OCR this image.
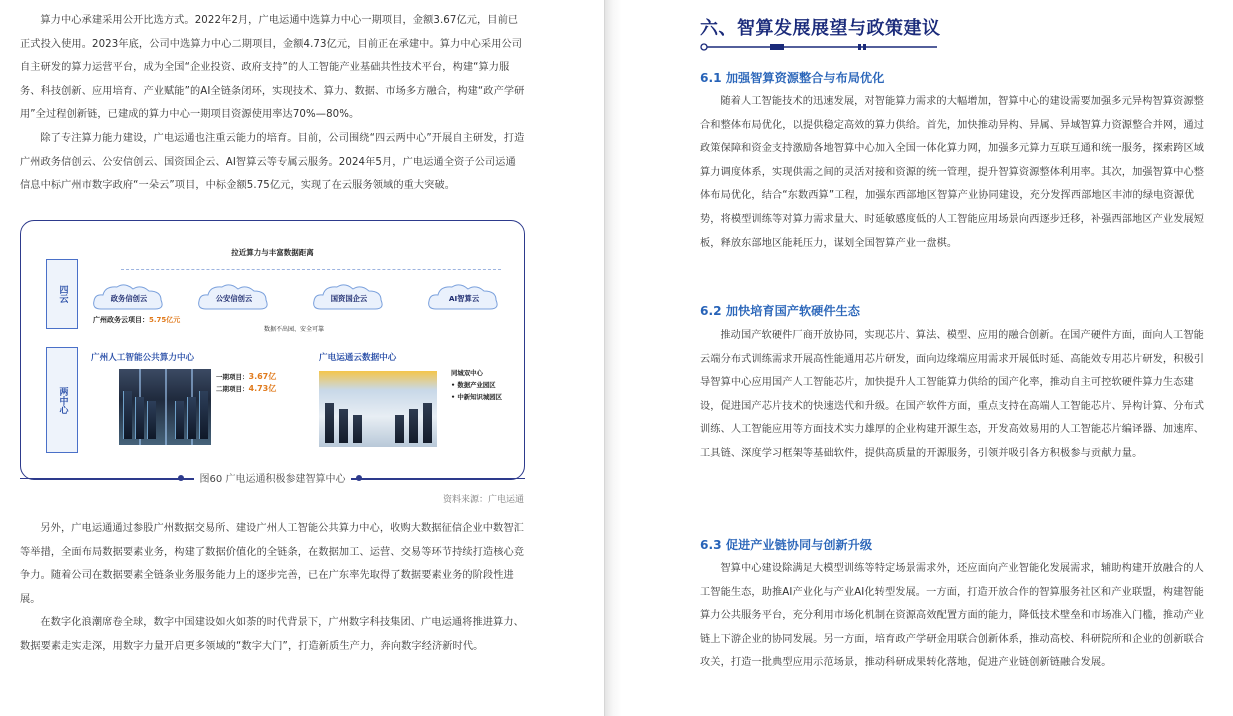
算力中心承建采用公开比选方式。2022年2月，广电运通中选算力中心一期项目，金额3.67亿元，目前已正式投入使用。2023年底，公司中选算力中心二期项目，金额4.73亿元，目前正在承建中。算力中心采用公司自主研发的算力运营平台，成为全国“企业投资、政府支持”的人工智能产业基础共性技术平台，构建“算力服务、科技创新、应用培育、产业赋能”的AI全链条闭环，实现技术、算力、数据、市场多方融合，构建“政产学研用”全过程创新链，已建成的算力中心一期项目资源使用率达70%—80%。

除了专注算力能力建设，广电运通也注重云能力的培育。目前，公司围绕“四云两中心”开展自主研发，打造广州政务信创云、公安信创云、国资国企云、AI智算云等专属云服务。2024年5月，广电运通全资子公司运通信息中标广州市数字政府“一朵云”项目，中标金额5.75亿元，实现了在云服务领域的重大突破。

拉近算力与丰富数据距离
四云	政务信创云	公安信创云	国资国企云	AI智算云
广州政务云项目：5.75亿元
数据不出园、安全可靠
两中心
广州人工智能公共算力中心
一期项目：3.67亿
二期项目：4.73亿
广电运通云数据中心
同城双中心
• 数据产业园区
• 中新知识城园区
图60 广电运通积极参建智算中心
资料来源：广电运通

另外，广电运通通过参股广州数据交易所、建设广州人工智能公共算力中心，收购大数据征信企业中数智汇等举措，全面布局数据要素业务，构建了数据价值化的全链条，在数据加工、运营、交易等环节持续打造核心竞争力。随着公司在数据要素全链条业务服务能力上的逐步完善，已在广东率先取得了数据要素业务的阶段性进展。

在数字化浪潮席卷全球，数字中国建设如火如荼的时代背景下，广州数字科技集团、广电运通将推进算力、数据要素走实走深，用数字力量开启更多领域的“数字大门”，打造新质生产力，奔向数字经济新时代。

六、智算发展展望与政策建议
6.1 加强智算资源整合与布局优化

随着人工智能技术的迅速发展，对智能算力需求的大幅增加，智算中心的建设需要加强多元异构智算资源整合和整体布局优化，以提供稳定高效的算力供给。首先，加快推动异构、异属、异域智算力资源整合并网，通过政策保障和资金支持激励各地智算中心加入全国一体化算力网，加强多元算力互联互通和统一服务，探索跨区域算力调度体系，实现供需之间的灵活对接和资源的统一管理，提升智算资源整体利用率。其次，加强智算中心整体布局优化，结合“东数西算”工程，加强东西部地区智算产业协同建设，充分发挥西部地区丰沛的绿电资源优势，将模型训练等对算力需求量大、时延敏感度低的人工智能应用场景向西逐步迁移，补强西部地区产业发展短板，释放东部地区能耗压力，谋划全国智算产业一盘棋。

6.2 加快培育国产软硬件生态

推动国产软硬件厂商开放协同，实现芯片、算法、模型、应用的融合创新。在国产硬件方面，面向人工智能云端分布式训练需求开展高性能通用芯片研发，面向边缘端应用需求开展低时延、高能效专用芯片研发，积极引导智算中心应用国产人工智能芯片，加快提升人工智能算力供给的国产化率，推动自主可控软硬件算力生态建设，促进国产芯片技术的快速迭代和升级。在国产软件方面，重点支持在高端人工智能芯片、异构计算、分布式训练、人工智能应用等方面技术实力雄厚的企业构建开源生态，开发高效易用的人工智能芯片编译器、加速库、工具链、深度学习框架等基础软件，提供高质量的开源服务，引领并吸引各方积极参与贡献力量。

6.3 促进产业链协同与创新升级

智算中心建设除满足大模型训练等特定场景需求外，还应面向产业智能化发展需求，辅助构建开放融合的人工智能生态，助推AI产业化与产业AI化转型发展。一方面，打造开放合作的智算服务社区和产业联盟，构建智能算力公共服务平台，充分利用市场化机制在资源高效配置方面的能力，降低技术壁垒和市场准入门槛，推动产业链上下游企业的协同发展。另一方面，培育政产学研金用联合创新体系，推动高校、科研院所和企业的创新联合攻关，打造一批典型应用示范场景，推动科研成果转化落地，促进产业链创新链融合发展。
